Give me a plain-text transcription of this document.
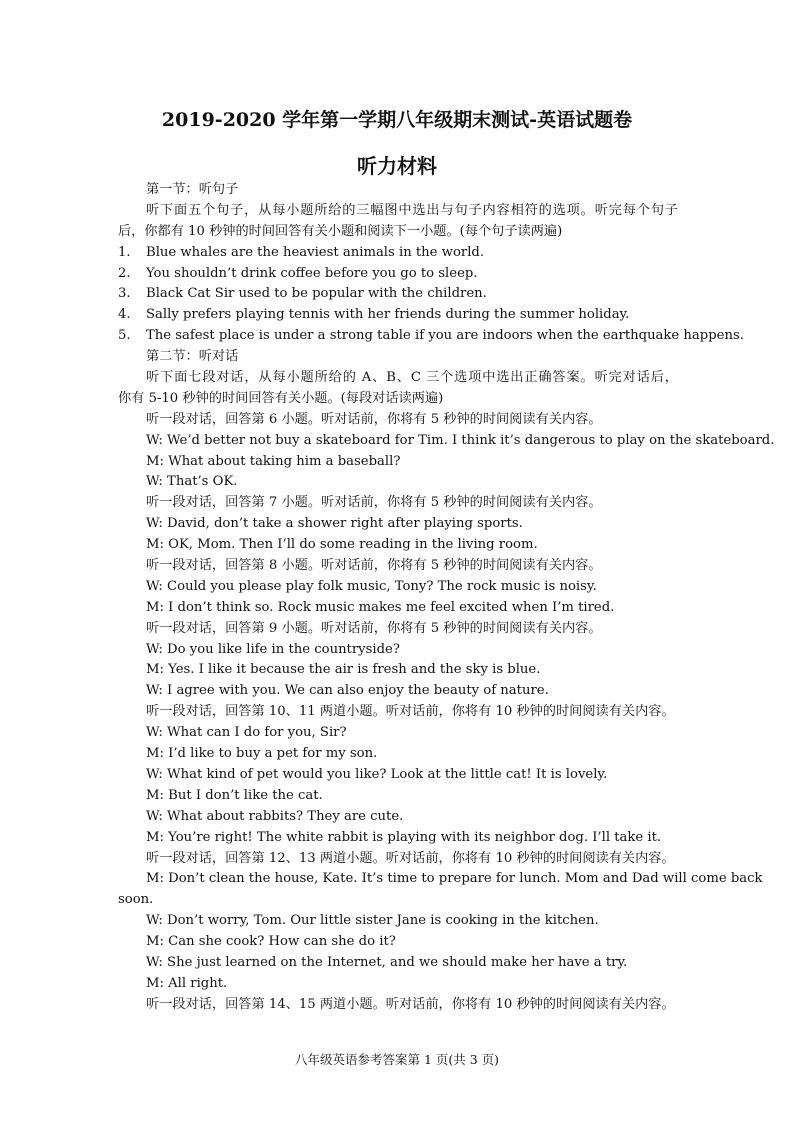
2019-2020 学年第一学期八年级期末测试-英语试题卷
听力材料
第一节：听句子
听下面五个句子，从每小题所给的三幅图中选出与句子内容相符的选项。听完每个句子
后，你都有 10 秒钟的时间回答有关小题和阅读下一小题。(每个句子读两遍)
1. Blue whales are the heaviest animals in the world.
2. You shouldn’t drink coffee before you go to sleep.
3. Black Cat Sir used to be popular with the children.
4. Sally prefers playing tennis with her friends during the summer holiday.
5. The safest place is under a strong table if you are indoors when the earthquake happens.
第二节：听对话
听下面七段对话，从每小题所给的 A、B、C 三个选项中选出正确答案。听完对话后，
你有 5-10 秒钟的时间回答有关小题。(每段对话读两遍)
听一段对话，回答第 6 小题。听对话前，你将有 5 秒钟的时间阅读有关内容。
W: We’d better not buy a skateboard for Tim. I think it’s dangerous to play on the skateboard.
M: What about taking him a baseball?
W: That’s OK.
听一段对话，回答第 7 小题。听对话前，你将有 5 秒钟的时间阅读有关内容。
W: David, don’t take a shower right after playing sports.
M: OK, Mom. Then I’ll do some reading in the living room.
听一段对话，回答第 8 小题。听对话前，你将有 5 秒钟的时间阅读有关内容。
W: Could you please play folk music, Tony? The rock music is noisy.
M: I don’t think so. Rock music makes me feel excited when I’m tired.
听一段对话，回答第 9 小题。听对话前，你将有 5 秒钟的时间阅读有关内容。
W: Do you like life in the countryside?
M: Yes. I like it because the air is fresh and the sky is blue.
W: I agree with you. We can also enjoy the beauty of nature.
听一段对话，回答第 10、11 两道小题。听对话前，你将有 10 秒钟的时间阅读有关内容。
W: What can I do for you, Sir?
M: I’d like to buy a pet for my son.
W: What kind of pet would you like? Look at the little cat! It is lovely.
M: But I don’t like the cat.
W: What about rabbits? They are cute.
M: You’re right! The white rabbit is playing with its neighbor dog. I’ll take it.
听一段对话，回答第 12、13 两道小题。听对话前，你将有 10 秒钟的时间阅读有关内容。
M: Don’t clean the house, Kate. It’s time to prepare for lunch. Mom and Dad will come back
soon.
W: Don’t worry, Tom. Our little sister Jane is cooking in the kitchen.
M: Can she cook? How can she do it?
W: She just learned on the Internet, and we should make her have a try.
M: All right.
听一段对话，回答第 14、15 两道小题。听对话前，你将有 10 秒钟的时间阅读有关内容。
八年级英语参考答案第 1 页(共 3 页)
